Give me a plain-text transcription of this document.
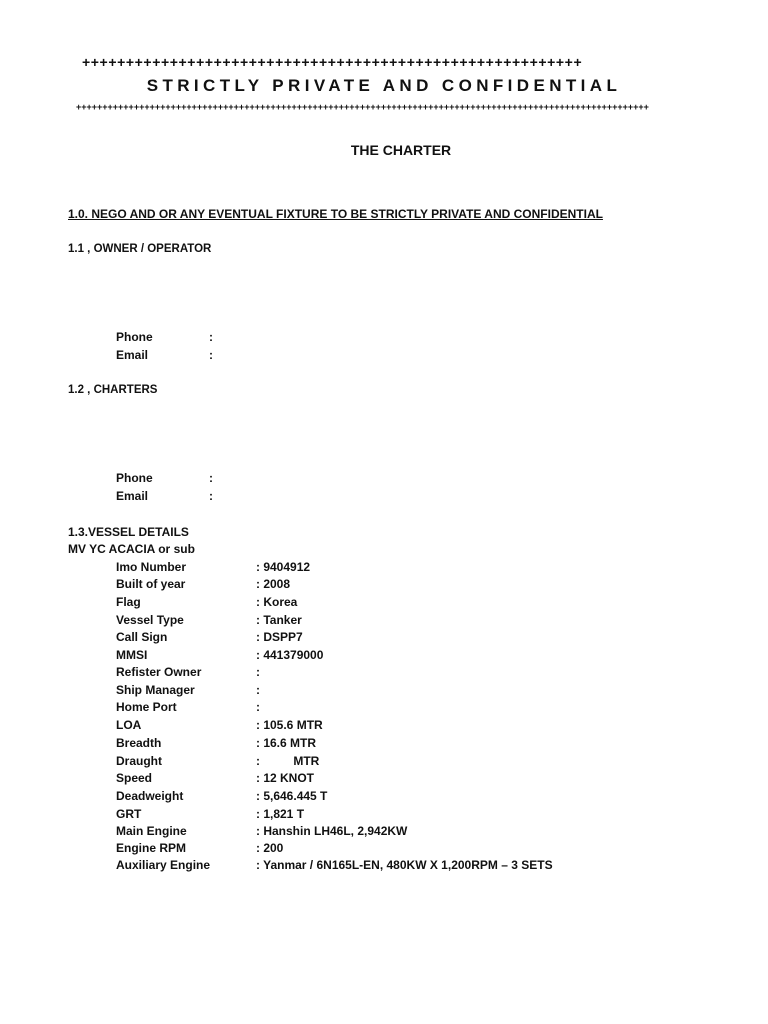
+++++++++++++++++++++++++++++++++++++++++++++++++++++++++
STRICTLY PRIVATE AND CONFIDENTIAL
+++++++++++++++++++++++++++++++++++++++++++++++++++++++++++++++++++++++++++++++++++++++++++++++++++++++++++++
THE CHARTER
1.0. NEGO AND OR ANY EVENTUAL FIXTURE TO BE STRICTLY PRIVATE AND CONFIDENTIAL
1.1 , OWNER / OPERATOR
Phone	:
Email	:
1.2 , CHARTERS
Phone	:
Email	:
1.3.VESSEL DETAILS
MV YC ACACIA or sub
Imo Number	: 9404912
Built of year	: 2008
Flag	: Korea
Vessel Type	: Tanker
Call Sign	: DSPP7
MMSI	: 441379000
Refister Owner	:
Ship Manager	:
Home Port	:
LOA	: 105.6 MTR
Breadth	: 16.6 MTR
Draught	:          MTR
Speed	: 12 KNOT
Deadweight	: 5,646.445 T
GRT	: 1,821 T
Main Engine	: Hanshin LH46L, 2,942KW
Engine RPM	: 200
Auxiliary Engine	: Yanmar / 6N165L-EN, 480KW X 1,200RPM – 3 SETS
